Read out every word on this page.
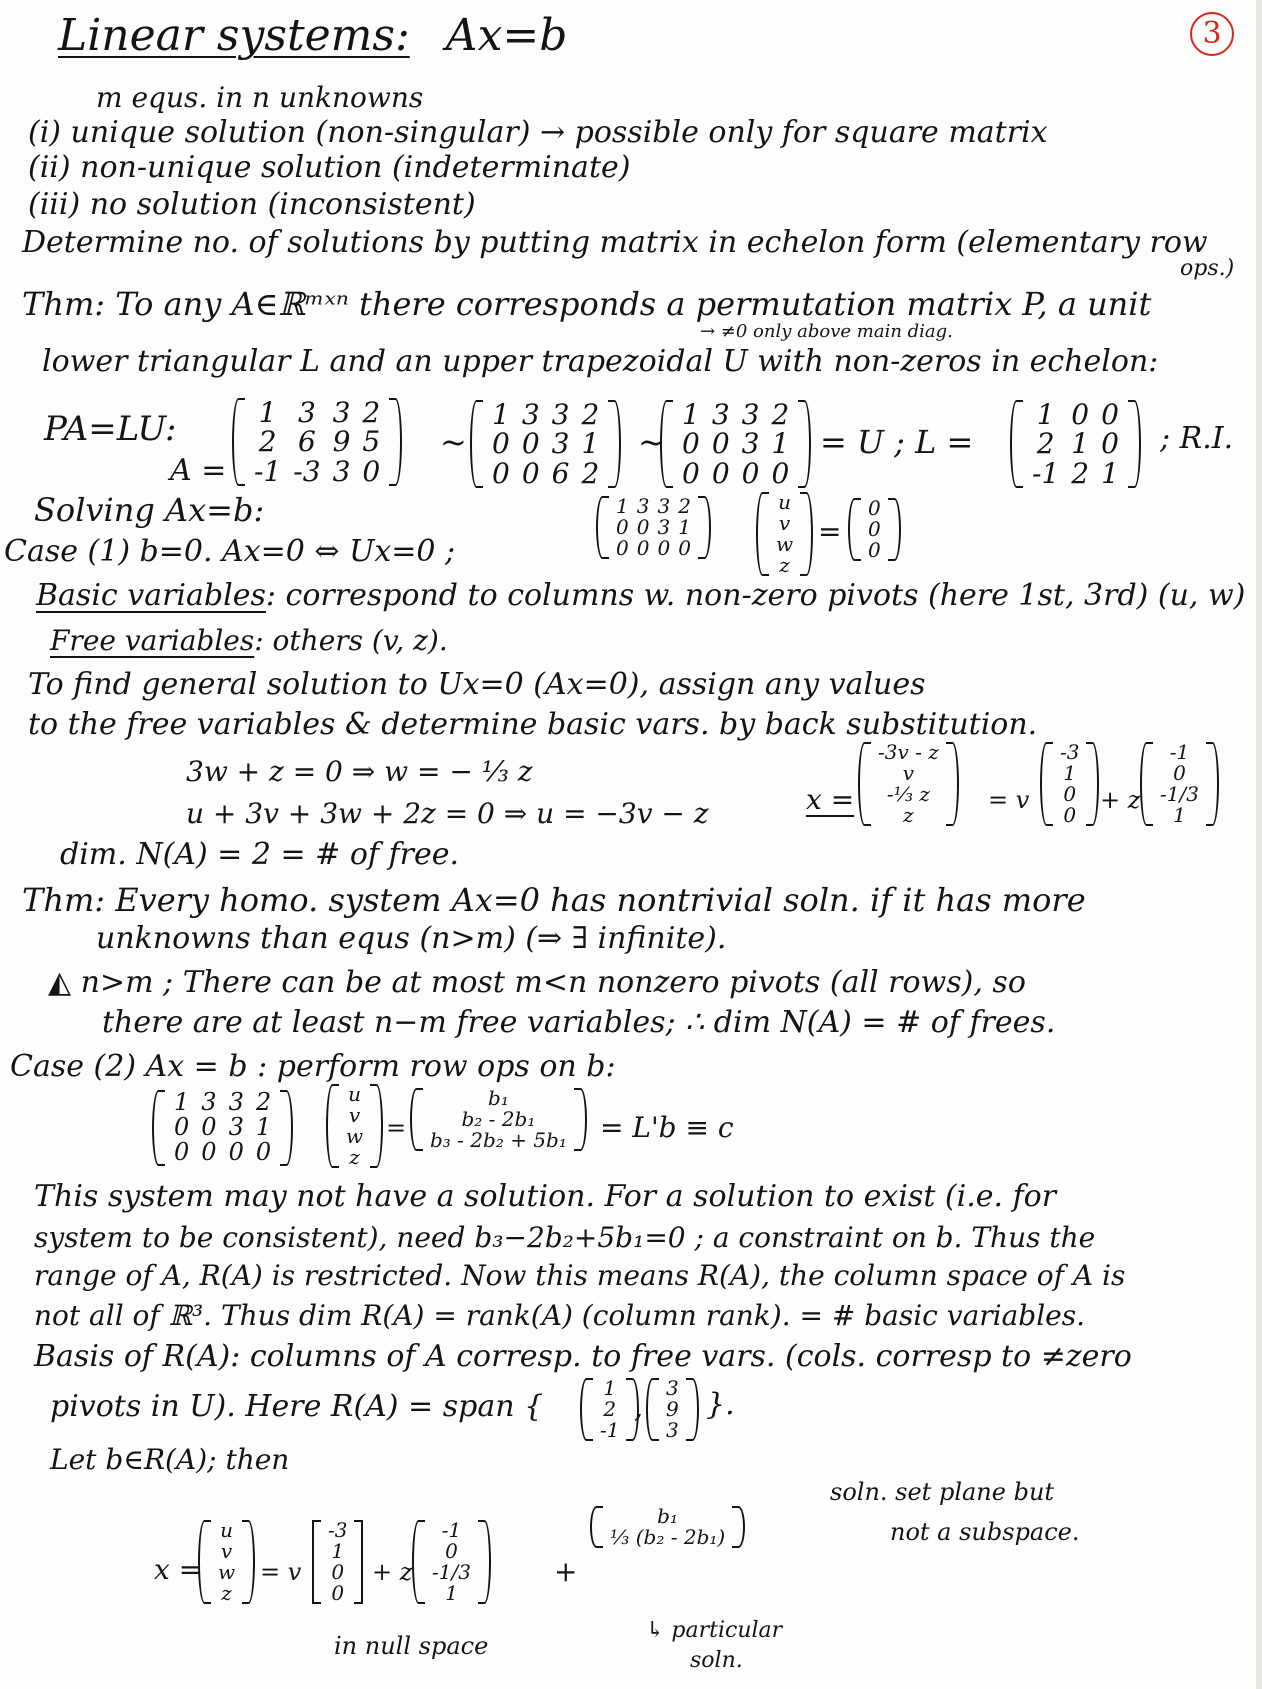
Linear systems: Ax=b	3
m equs. in n unknowns
(i) unique solution (non-singular) → possible only for square matrix
(ii) non-unique solution (indeterminate)
(iii) no solution (inconsistent)
Determine no. of solutions by putting matrix in echelon form (elementary row
ops.)
Thm: To any A∈ℝᵐˣⁿ there corresponds a permutation matrix P, a unit
→ ≠0 only above main diag.
lower triangular L and an upper trapezoidal U with non-zeros in echelon:
PA=LU:
A =
1	3	3	2
2	6	9	5
-1	-3	3	0
~
1	3	3	2
0	0	3	1
0	0	6	2
~
1	3	3	2
0	0	3	1
0	0	0	0
= U ; L =
1	0	0
2	1	0
-1	2	1
; R.I.
Solving Ax=b:
Case (1) b=0. Ax=0 ⇔ Ux=0 ;
1	3	3	2
0	0	3	1
0	0	0	0
u
v
w
z
=
0
0
0
Basic variables: correspond to columns w. non-zero pivots (here 1st, 3rd) (u, w)
Free variables: others (v, z).
To find general solution to Ux=0 (Ax=0), assign any values
to the free variables & determine basic vars. by back substitution.
3w + z = 0 ⇒ w = − ⅓ z
u + 3v + 3w + 2z = 0 ⇒ u = −3v − z	x =
-3v - z
v
-⅓ z
z
= v
-3
1
0
0
+ z
-1
0
-1/3
1
dim. N(A) = 2 = # of free.
Thm: Every homo. system Ax=0 has nontrivial soln. if it has more
unknowns than equs (n>m) (⇒ ∃ infinite).
◭ n>m ; There can be at most m<n nonzero pivots (all rows), so
there are at least n−m free variables; ∴ dim N(A) = # of frees.
Case (2) Ax = b : perform row ops on b:
1	3	3	2
0	0	3	1
0	0	0	0
u
v
w
z
=
b₁
b₂ - 2b₁
b₃ - 2b₂ + 5b₁ = L'b ≡ c
This system may not have a solution. For a solution to exist (i.e. for
system to be consistent), need b₃−2b₂+5b₁=0 ; a constraint on b. Thus the
range of A, R(A) is restricted. Now this means R(A), the column space of A is
not all of ℝ³. Thus dim R(A) = rank(A) (column rank). = # basic variables.
Basis of R(A): columns of A corresp. to free vars. (cols. corresp to ≠zero
pivots in U). Here R(A) = span {
1
2
-1
,
3
9
3
}.
Let b∈R(A); then
x =
u
v
w
z
= v
-3
1
0
0
+ z
-1
0
-1/3
1
+
b₁

⅓ (b₂ - 2b₁)

soln. set plane but
not a subspace.
in null space
↳ particular
soln.
